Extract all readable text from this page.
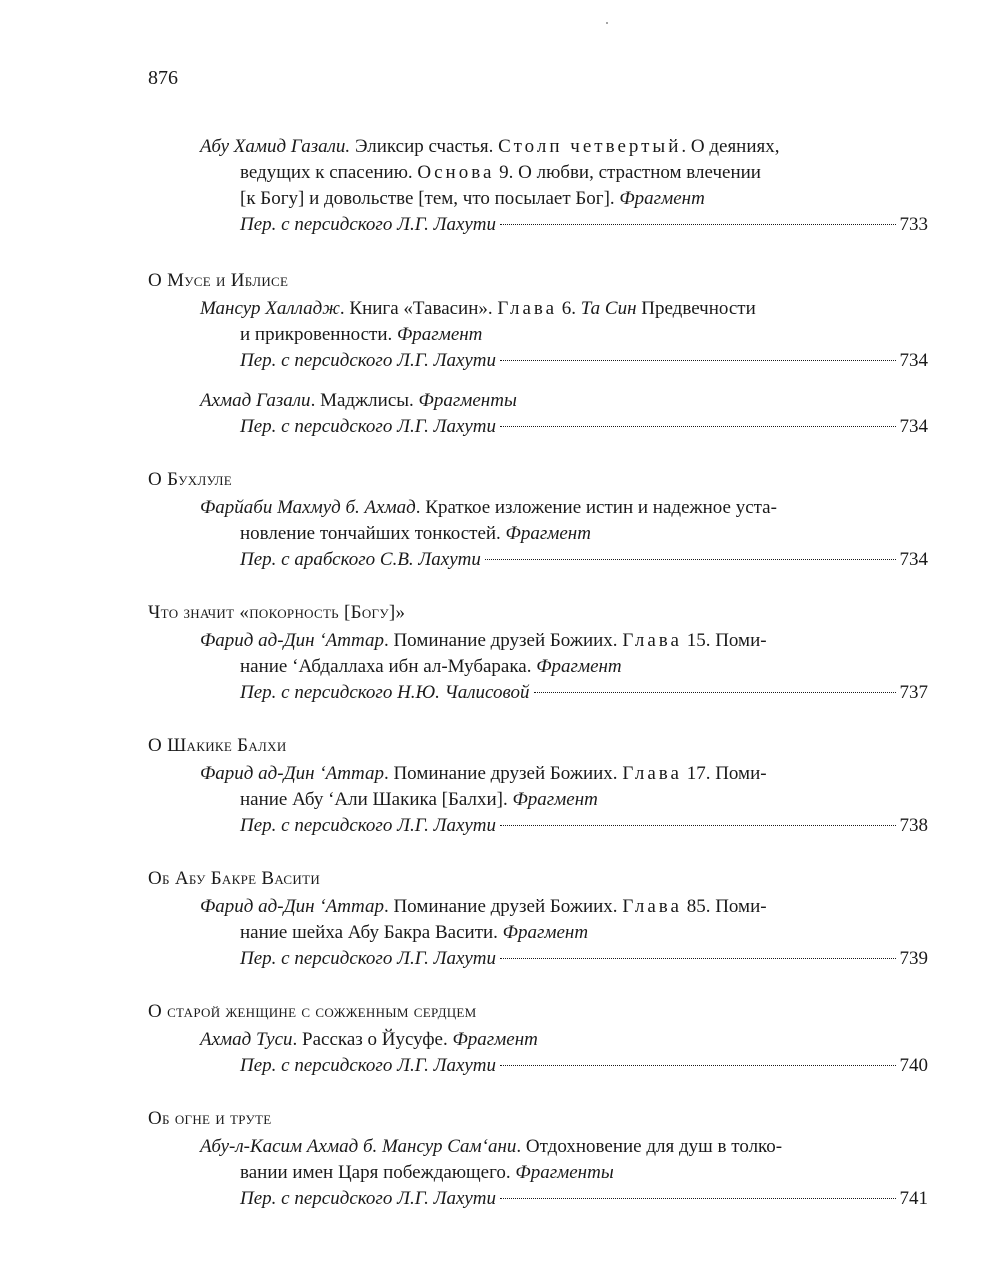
876

Абу Хамид Газали. Эликсир счастья. Столп четвертый. О деяниях,
ведущих к спасению. Основа 9. О любви, страстном влечении
[к Богу] и довольстве [тем, что посылает Бог]. Фрагмент

Пер. с персидского Л.Г. Лахути	733

О Мусе и Иблисе

Мансур Халладж. Книга «Тавасин». Глава 6. Та Син Предвечности
и прикровенности. Фрагмент

Пер. с персидского Л.Г. Лахути	734

Ахмад Газали. Маджлисы. Фрагменты

Пер. с персидского Л.Г. Лахути	734

О Бухлуле

Фарйаби Махмуд б. Ахмад. Краткое изложение истин и надежное уста-
новление тончайших тонкостей. Фрагмент

Пер. с арабского С.В. Лахути	734

Что значит «покорность [Богу]»

Фарид ад-Дин ʻАттар. Поминание друзей Божиих. Глава 15. Поми-
нание ʻАбдаллаха ибн ал-Мубарака. Фрагмент

Пер. с персидского Н.Ю. Чалисовой	737

О Шакике Балхи

Фарид ад-Дин ʻАттар. Поминание друзей Божиих. Глава 17. Поми-
нание Абу ʻАли Шакика [Балхи]. Фрагмент

Пер. с персидского Л.Г. Лахути	738

Об Абу Бакре Васити

Фарид ад-Дин ʻАттар. Поминание друзей Божиих. Глава 85. Поми-
нание шейха Абу Бакра Васити. Фрагмент

Пер. с персидского Л.Г. Лахути	739

О старой женщине с сожженным сердцем

Ахмад Туси. Рассказ о Йусуфе. Фрагмент

Пер. с персидского Л.Г. Лахути	740

Об огне и труте

Абу-л-Касим Ахмад б. Мансур Самʻани. Отдохновение для душ в толко-
вании имен Царя побеждающего. Фрагменты

Пер. с персидского Л.Г. Лахути	741
